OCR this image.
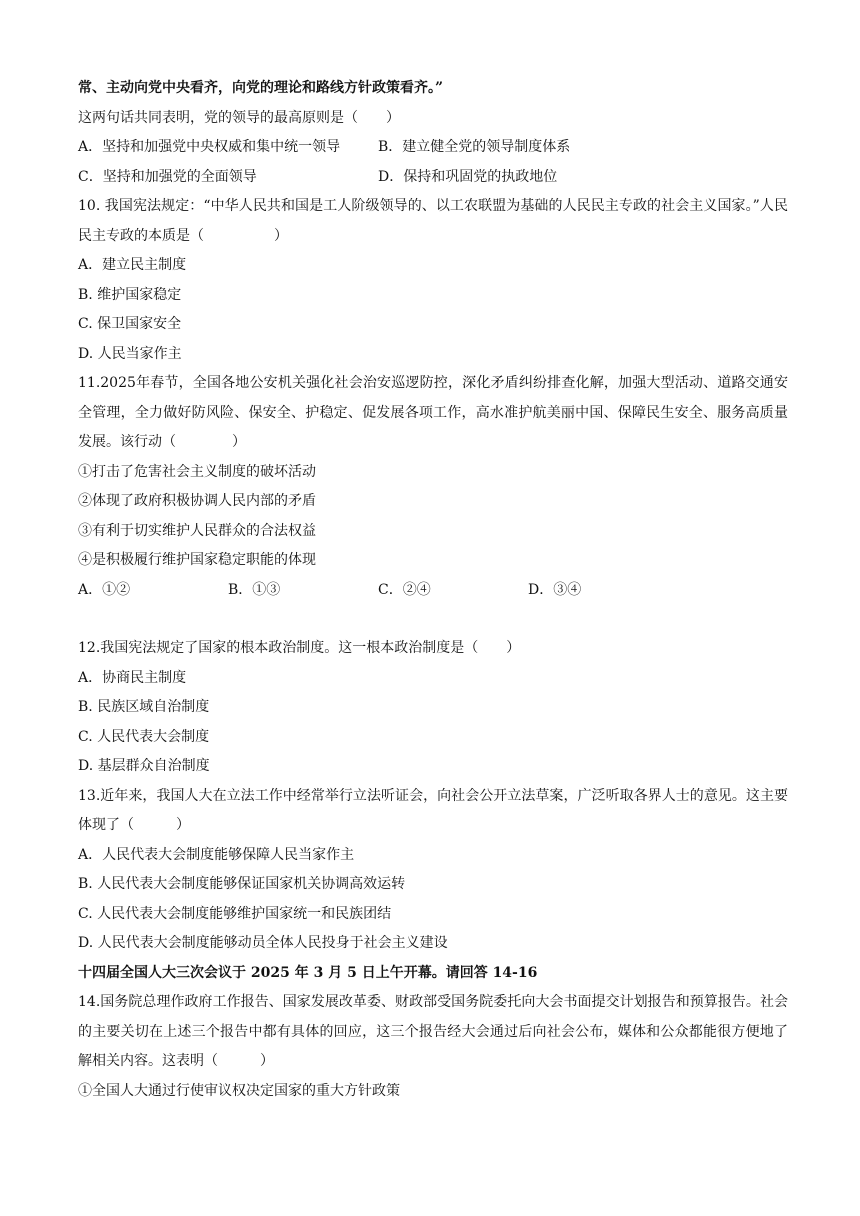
常、主动向党中央看齐，向党的理论和路线方针政策看齐。”
这两句话共同表明，党的领导的最高原则是（　　）
A．坚持和加强党中央权威和集中统一领导	B．建立健全党的领导制度体系
C．坚持和加强党的全面领导	D．保持和巩固党的执政地位
10. 我国宪法规定：“中华人民共和国是工人阶级领导的、以工农联盟为基础的人民民主专政的社会主义国家。”人民民主专政的本质是（　　　　　）
A．建立民主制度
B. 维护国家稳定
C. 保卫国家安全
D. 人民当家作主
11.2025年春节，全国各地公安机关强化社会治安巡逻防控，深化矛盾纠纷排查化解，加强大型活动、道路交通安全管理，全力做好防风险、保安全、护稳定、促发展各项工作，高水准护航美丽中国、保障民生安全、服务高质量发展。该行动（　　　　）
①打击了危害社会主义制度的破坏活动
②体现了政府积极协调人民内部的矛盾
③有利于切实维护人民群众的合法权益
④是积极履行维护国家稳定职能的体现
A．①②	B．①③	C．②④	D．③④
12.我国宪法规定了国家的根本政治制度。这一根本政治制度是（　　）
A．协商民主制度
B. 民族区域自治制度
C. 人民代表大会制度
D. 基层群众自治制度
13.近年来，我国人大在立法工作中经常举行立法听证会，向社会公开立法草案，广泛听取各界人士的意见。这主要体现了（　　　）
A．人民代表大会制度能够保障人民当家作主
B. 人民代表大会制度能够保证国家机关协调高效运转
C. 人民代表大会制度能够维护国家统一和民族团结
D. 人民代表大会制度能够动员全体人民投身于社会主义建设
十四届全国人大三次会议于 2025 年 3 月 5 日上午开幕。请回答 14-16
14.国务院总理作政府工作报告、国家发展改革委、财政部受国务院委托向大会书面提交计划报告和预算报告。社会的主要关切在上述三个报告中都有具体的回应，这三个报告经大会通过后向社会公布，媒体和公众都能很方便地了解相关内容。这表明（　　　）
①全国人大通过行使审议权决定国家的重大方针政策
